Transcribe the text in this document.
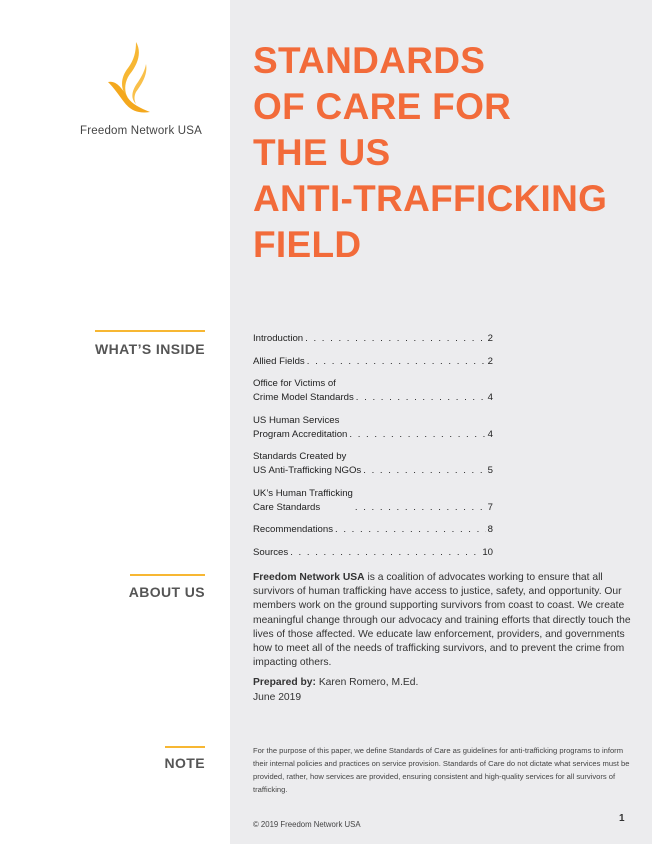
Freedom Network USA
STANDARDS
OF CARE FOR
THE US
ANTI-TRAFFICKING
FIELD
WHAT’S INSIDE
Introduction . . .	2
Allied Fields . . .	2
Office for Victims of
Crime Model Standards . . .	4
US Human Services
Program Accreditation . . .	4
Standards Created by
US Anti-Trafficking NGOs . . .	5
UK’s Human Trafficking
Care Standards . . .	7
Recommendations . . .	8
Sources . . .	10
ABOUT US

Freedom Network USA is a coalition of advocates working to ensure that all survivors of human trafficking have access to justice, safety, and opportunity. Our members work on the ground supporting survivors from coast to coast. We create meaningful change through our advocacy and training efforts that directly touch the lives of those affected. We educate law enforcement, providers, and governments how to meet all of the needs of trafficking survivors, and to prevent the crime from impacting others.

Prepared by: Karen Romero, M.Ed.
June 2019

NOTE
For the purpose of this paper, we define Standards of Care as guidelines for anti-trafficking programs to inform their internal policies and practices on service provision. Standards of Care do not dictate what services must be provided, rather, how services are provided, ensuring consistent and high-quality services for all survivors of trafficking.
© 2019 Freedom Network USA
1
